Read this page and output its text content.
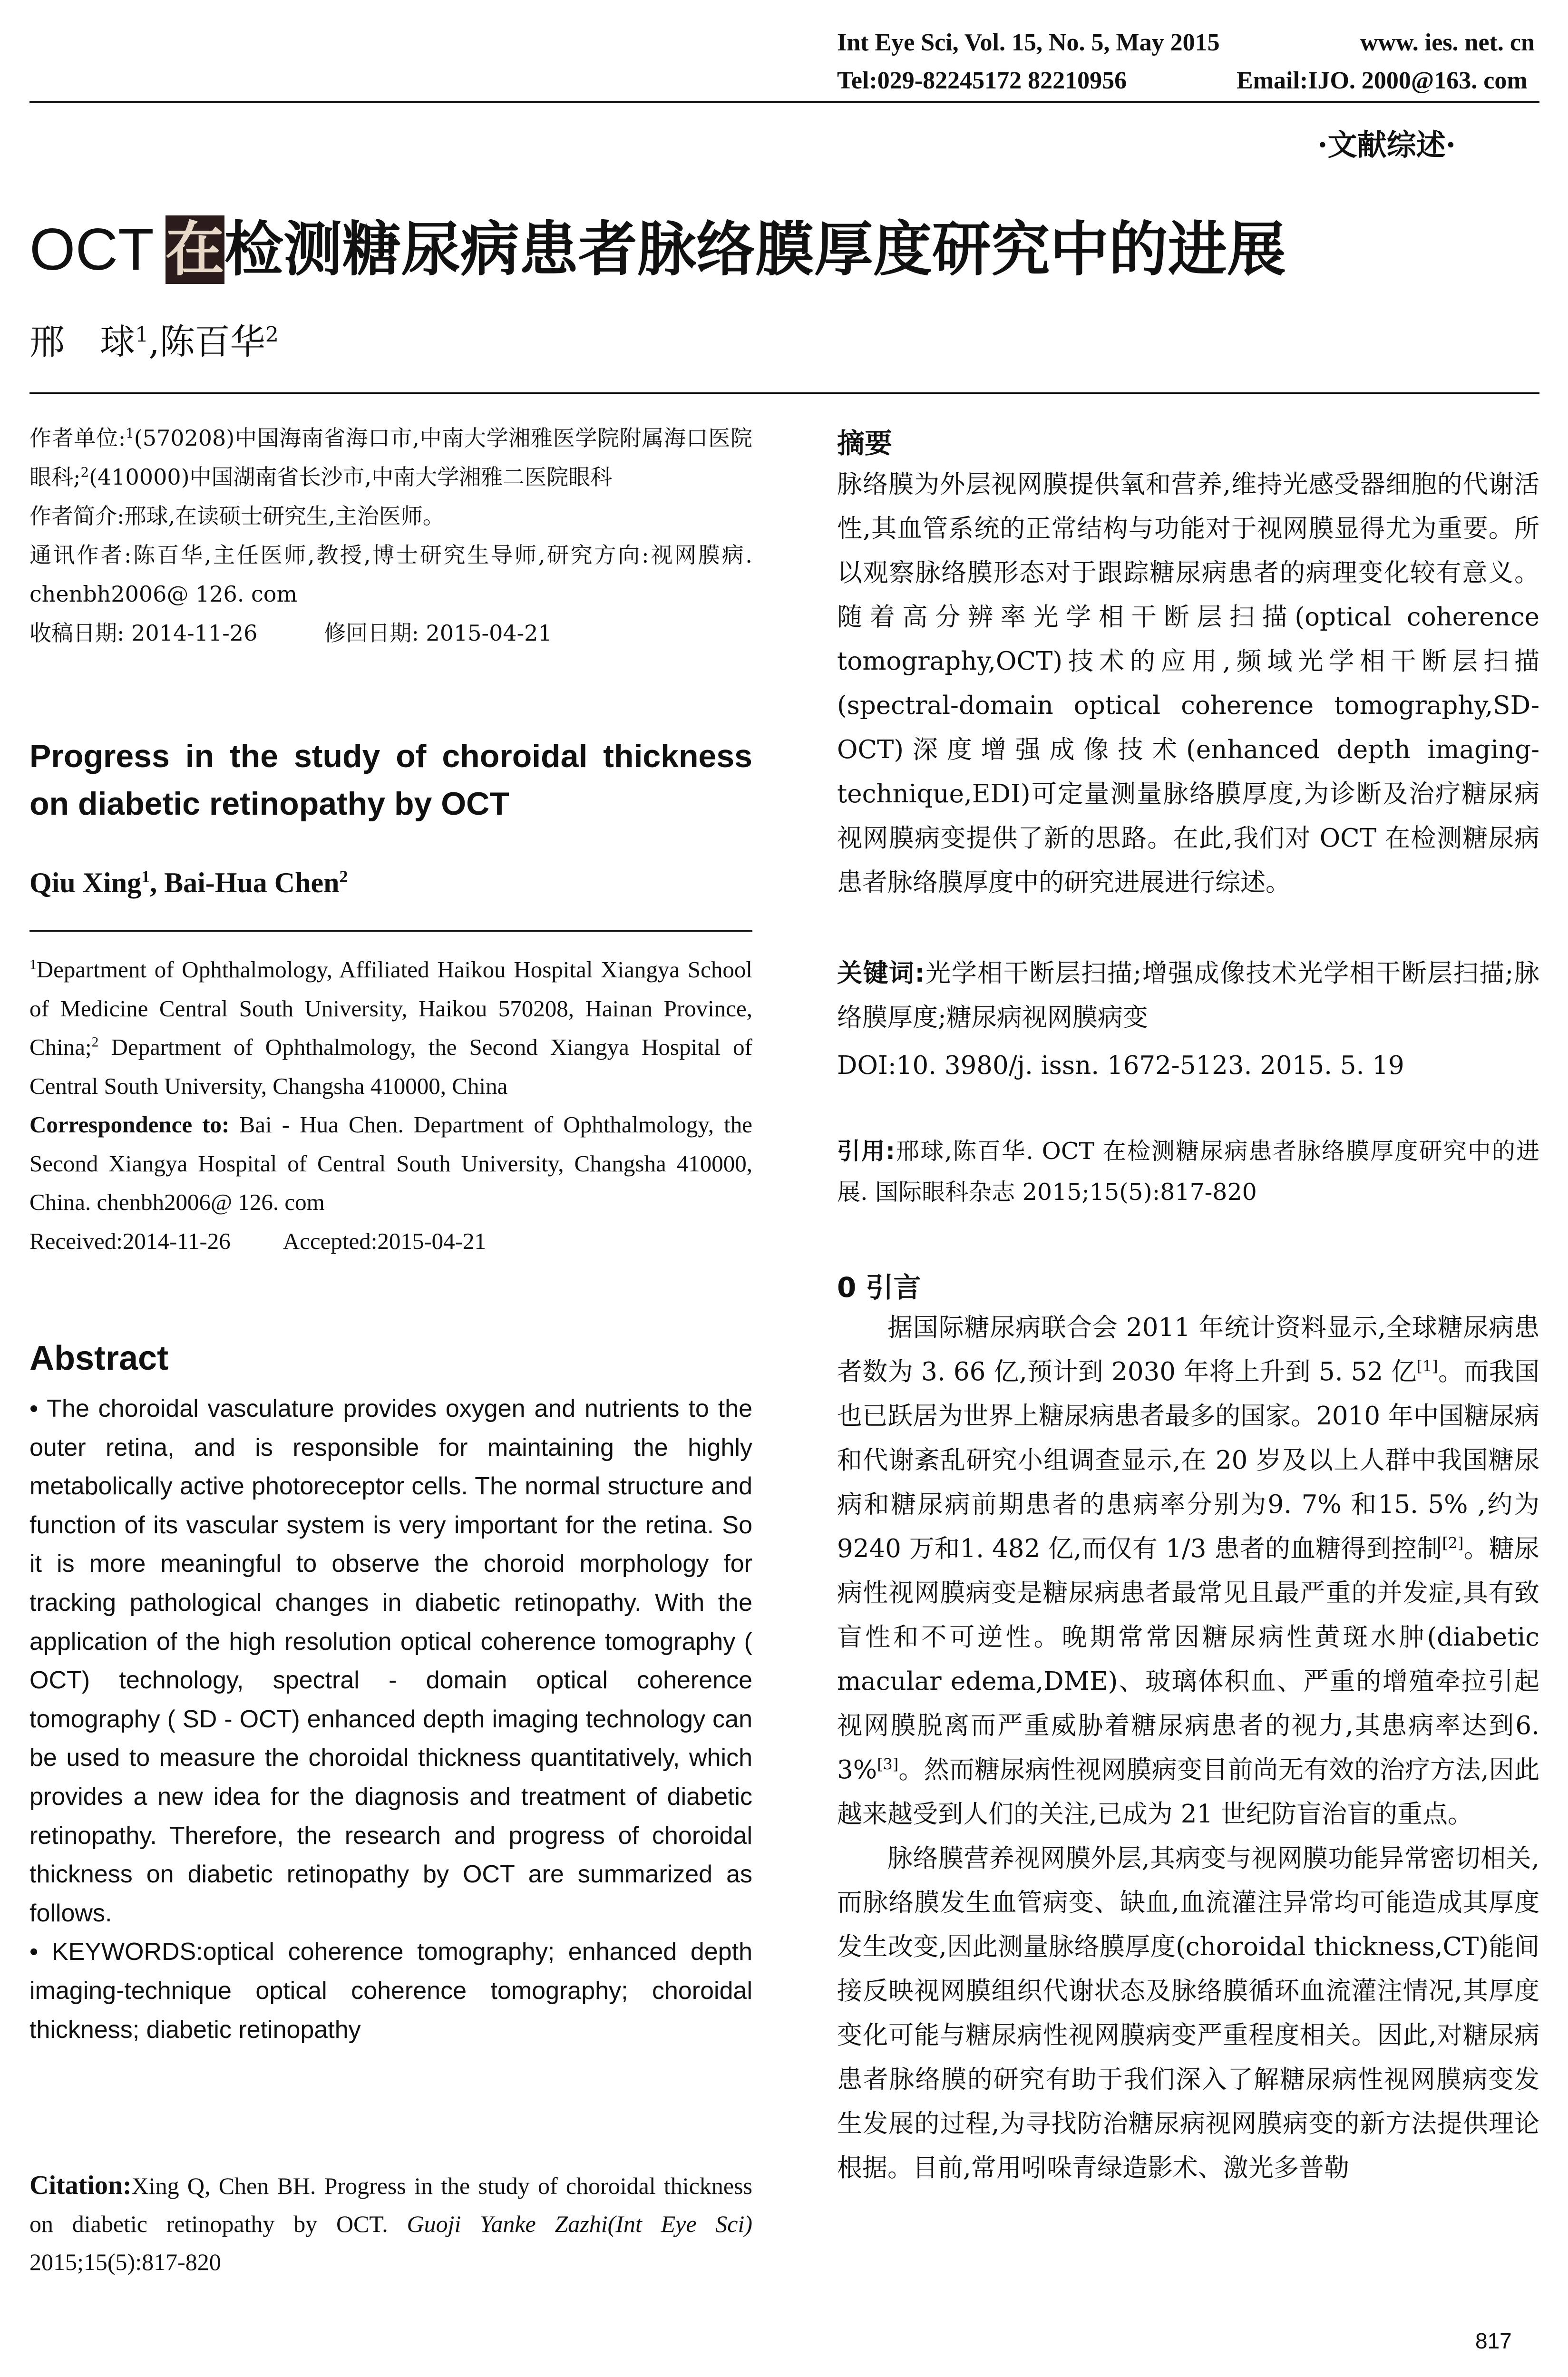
Int Eye Sci, Vol. 15, No. 5, May 2015	www. ies. net. cn
Tel:029-82245172 82210956	Email:IJO. 2000@163. com
·文献综述·
OCT 在检测糖尿病患者脉络膜厚度研究中的进展
邢　球$^1$,陈百华$^2$
作者单位:$^1$(570208)中国海南省海口市,中南大学湘雅医学院附属海口医院眼科;$^2$(410000)中国湖南省长沙市,中南大学湘雅二医院眼科
作者简介:邢球,在读硕士研究生,主治医师。
通讯作者:陈百华,主任医师,教授,博士研究生导师,研究方向:视网膜病. chenbh2006@ 126. com
收稿日期: 2014-11-26	修回日期: 2015-04-21
Progress in the study of choroidal thickness on diabetic retinopathy by OCT
Qiu Xing$^1$, Bai-Hua Chen$^2$
$^1$Department of Ophthalmology, Affiliated Haikou Hospital Xiangya School of Medicine Central South University, Haikou 570208, Hainan Province, China;$^2$ Department of Ophthalmology, the Second Xiangya Hospital of Central South University, Changsha 410000, China
Correspondence to: Bai - Hua Chen. Department of Ophthalmology, the Second Xiangya Hospital of Central South University, Changsha 410000, China. chenbh2006@ 126. com
Received:2014-11-26 Accepted:2015-04-21
Abstract
• The choroidal vasculature provides oxygen and nutrients to the outer retina, and is responsible for maintaining the highly metabolically active photoreceptor cells. The normal structure and function of its vascular system is very important for the retina. So it is more meaningful to observe the choroid morphology for tracking pathological changes in diabetic retinopathy. With the application of the high resolution optical coherence tomography ( OCT) technology, spectral - domain optical coherence tomography ( SD - OCT) enhanced depth imaging technology can be used to measure the choroidal thickness quantitatively, which provides a new idea for the diagnosis and treatment of diabetic retinopathy. Therefore, the research and progress of choroidal thickness on diabetic retinopathy by OCT are summarized as follows.
• KEYWORDS:optical coherence tomography; enhanced depth imaging-technique optical coherence tomography; choroidal thickness; diabetic retinopathy
Citation:Xing Q, Chen BH. Progress in the study of choroidal thickness on diabetic retinopathy by OCT. Guoji Yanke Zazhi(Int Eye Sci) 2015;15(5):817-820
摘要
脉络膜为外层视网膜提供氧和营养,维持光感受器细胞的代谢活性,其血管系统的正常结构与功能对于视网膜显得尤为重要。所以观察脉络膜形态对于跟踪糖尿病患者的病理变化较有意义。随着高分辨率光学相干断层扫描(optical coherence tomography,OCT)技术的应用,频域光学相干断层扫描(spectral-domain optical coherence tomography,SD-OCT)深度增强成像技术(enhanced depth imaging-technique,EDI)可定量测量脉络膜厚度,为诊断及治疗糖尿病视网膜病变提供了新的思路。在此,我们对 OCT 在检测糖尿病患者脉络膜厚度中的研究进展进行综述。
关键词:光学相干断层扫描;增强成像技术光学相干断层扫描;脉络膜厚度;糖尿病视网膜病变
DOI:10. 3980/j. issn. 1672-5123. 2015. 5. 19
引用:邢球,陈百华. OCT 在检测糖尿病患者脉络膜厚度研究中的进展. 国际眼科杂志 2015;15(5):817-820
0 引言

据国际糖尿病联合会 2011 年统计资料显示,全球糖尿病患者数为 3. 66 亿,预计到 2030 年将上升到 5. 52 亿[1]。而我国也已跃居为世界上糖尿病患者最多的国家。2010 年中国糖尿病和代谢紊乱研究小组调查显示,在 20 岁及以上人群中我国糖尿病和糖尿病前期患者的患病率分别为9. 7% 和15. 5% ,约为9240 万和1. 482 亿,而仅有 1/3 患者的血糖得到控制[2]。糖尿病性视网膜病变是糖尿病患者最常见且最严重的并发症,具有致盲性和不可逆性。晚期常常因糖尿病性黄斑水肿(diabetic macular edema,DME)、玻璃体积血、严重的增殖牵拉引起视网膜脱离而严重威胁着糖尿病患者的视力,其患病率达到6. 3%[3]。然而糖尿病性视网膜病变目前尚无有效的治疗方法,因此越来越受到人们的关注,已成为 21 世纪防盲治盲的重点。

脉络膜营养视网膜外层,其病变与视网膜功能异常密切相关,而脉络膜发生血管病变、缺血,血流灌注异常均可能造成其厚度发生改变,因此测量脉络膜厚度(choroidal thickness,CT)能间接反映视网膜组织代谢状态及脉络膜循环血流灌注情况,其厚度变化可能与糖尿病性视网膜病变严重程度相关。因此,对糖尿病患者脉络膜的研究有助于我们深入了解糖尿病性视网膜病变发生发展的过程,为寻找防治糖尿病视网膜病变的新方法提供理论根据。目前,常用吲哚青绿造影术、激光多普勒

817
